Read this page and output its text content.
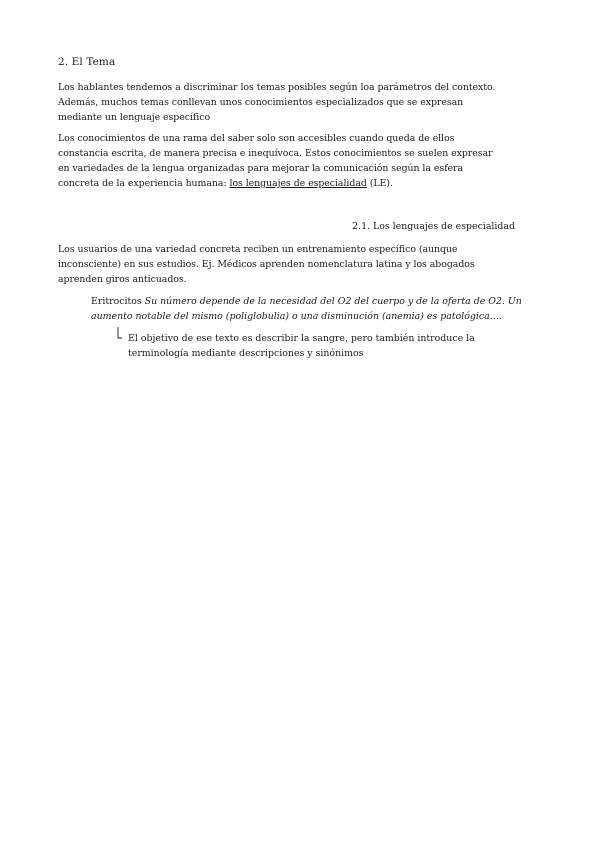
2. El Tema
Los hablantes tendemos a discriminar los temas posibles según loa parámetros del contexto.
Además, muchos temas conllevan unos conocimientos especializados que se expresan
mediante un lenguaje específico
Los conocimientos de una rama del saber solo son accesibles cuando queda de ellos
constancia escrita, de manera precisa e inequívoca. Estos conocimientos se suelen expresar
en variedades de la lengua organizadas para mejorar la comunicación según la esfera
concreta de la experiencia humana: los lenguajes de especialidad (LE).
2.1. Los lenguajes de especialidad
Los usuarios de una variedad concreta reciben un entrenamiento específico (aunque
inconsciente) en sus estudios. Ej. Médicos aprenden nomenclatura latina y los abogados
aprenden giros anticuados.
Eritrocitos Su número depende de la necesidad del O2 del cuerpo y de la oferta de O2. Un
aumento notable del mismo (poliglobulia) o una disminución (anemia) es patológica….
El objetivo de ese texto es describir la sangre, pero también introduce la
terminología mediante descripciones y sinónimos
